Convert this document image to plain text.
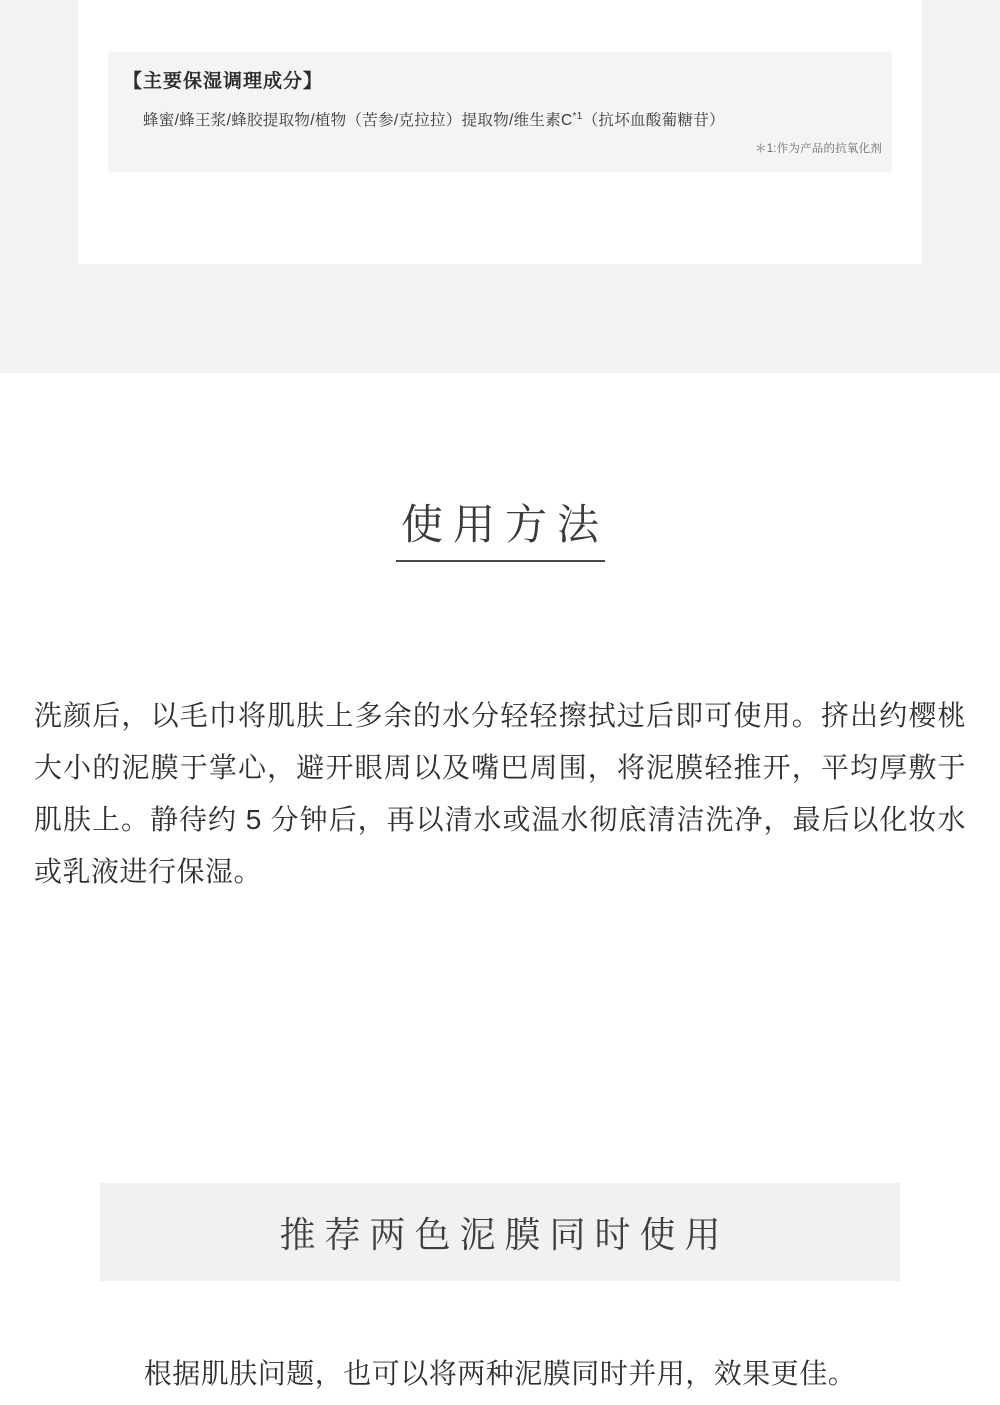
【主要保湿调理成分】
蜂蜜/蜂王浆/蜂胶提取物/植物（苦参/克拉拉）提取物/维生素$C^{*1}$（抗坏血酸葡糖苷）
＊1:作为产品的抗氧化剂
使用方法
洗颜后，以毛巾将肌肤上多余的水分轻轻擦拭过后即可使用。挤出约樱桃大小的泥膜于掌心，避开眼周以及嘴巴周围，将泥膜轻推开，平均厚敷于肌肤上。静待约 5 分钟后，再以清水或温水彻底清洁洗净，最后以化妆水或乳液进行保湿。
推荐两色泥膜同时使用
根据肌肤问题，也可以将两种泥膜同时并用，效果更佳。
